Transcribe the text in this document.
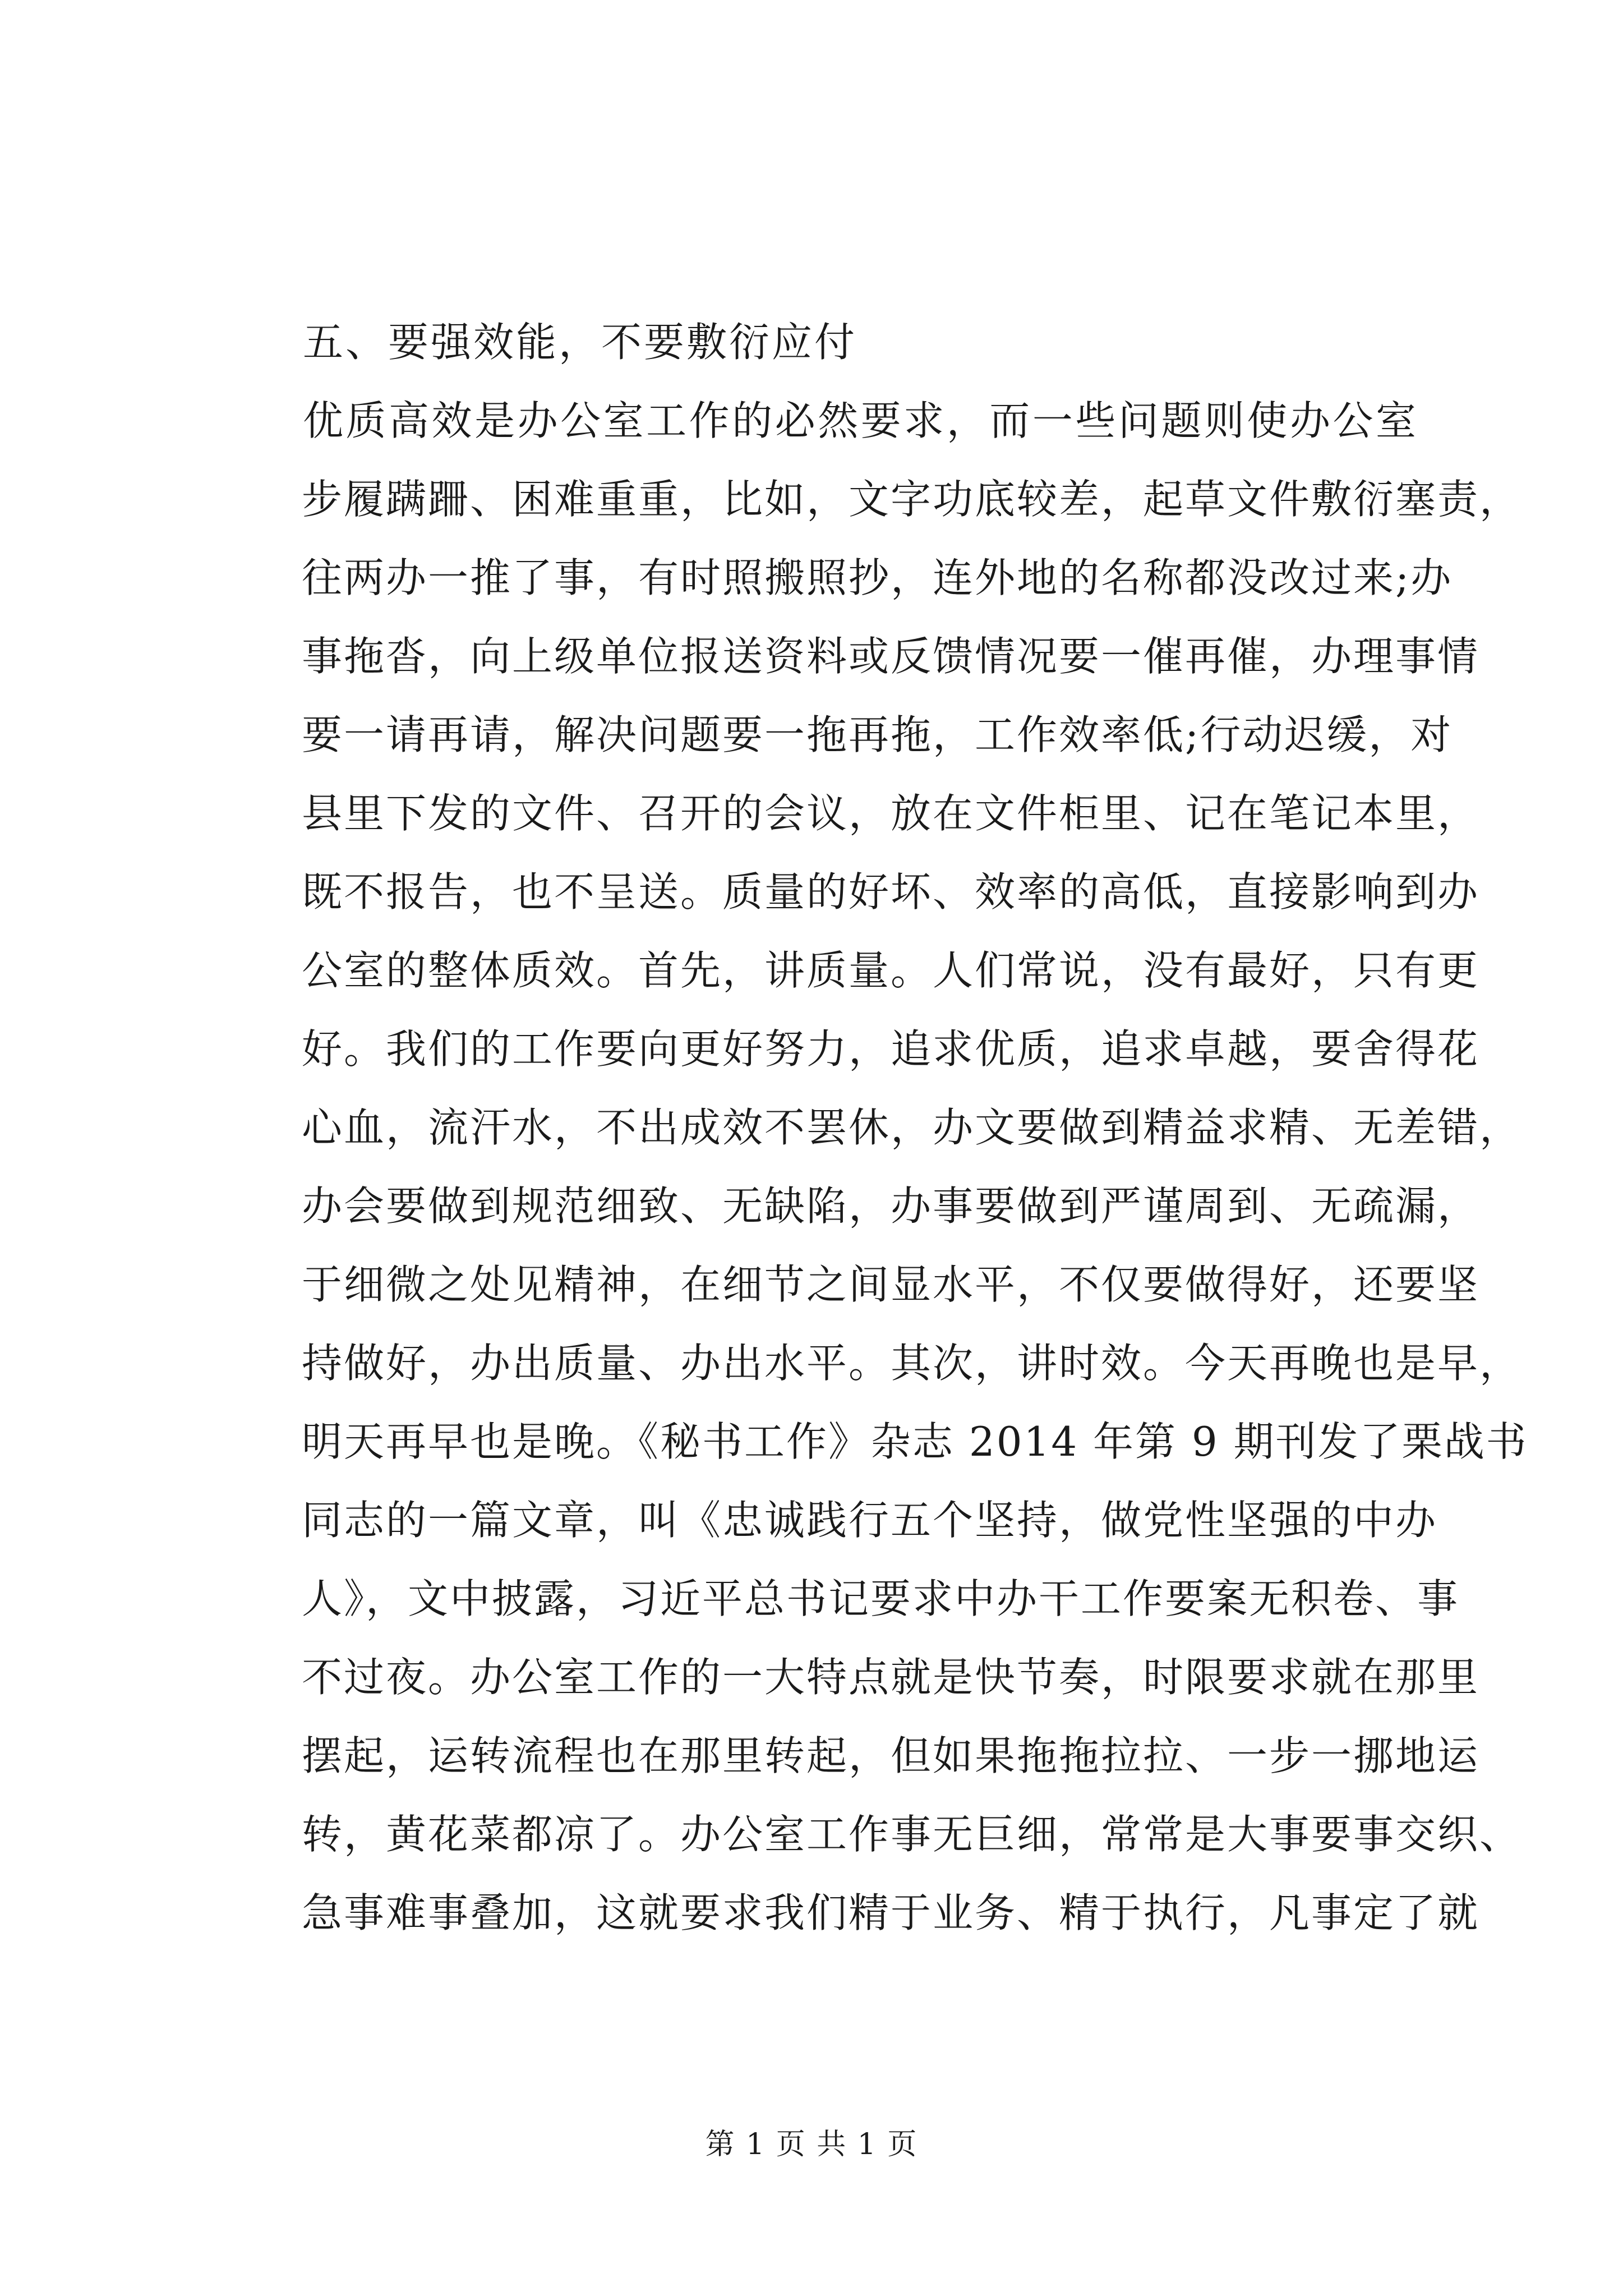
五、要强效能，不要敷衍应付
优质高效是办公室工作的必然要求，而一些问题则使办公室
步履蹒跚、困难重重，比如，文字功底较差，起草文件敷衍塞责，
往两办一推了事，有时照搬照抄，连外地的名称都没改过来;办
事拖沓，向上级单位报送资料或反馈情况要一催再催，办理事情
要一请再请，解决问题要一拖再拖，工作效率低;行动迟缓，对
县里下发的文件、召开的会议，放在文件柜里、记在笔记本里，
既不报告，也不呈送。质量的好坏、效率的高低，直接影响到办
公室的整体质效。首先，讲质量。人们常说，没有最好，只有更
好。我们的工作要向更好努力，追求优质，追求卓越，要舍得花
心血，流汗水，不出成效不罢休，办文要做到精益求精、无差错，
办会要做到规范细致、无缺陷，办事要做到严谨周到、无疏漏，
于细微之处见精神，在细节之间显水平，不仅要做得好，还要坚
持做好，办出质量、办出水平。其次，讲时效。今天再晚也是早，
明天再早也是晚。《秘书工作》杂志 2014 年第 9 期刊发了栗战书
同志的一篇文章，叫《忠诚践行五个坚持，做党性坚强的中办
人》，文中披露，习近平总书记要求中办干工作要案无积卷、事
不过夜。办公室工作的一大特点就是快节奏，时限要求就在那里
摆起，运转流程也在那里转起，但如果拖拖拉拉、一步一挪地运
转，黄花菜都凉了。办公室工作事无巨细，常常是大事要事交织、
急事难事叠加，这就要求我们精于业务、精于执行，凡事定了就
第 1 页 共 1 页
